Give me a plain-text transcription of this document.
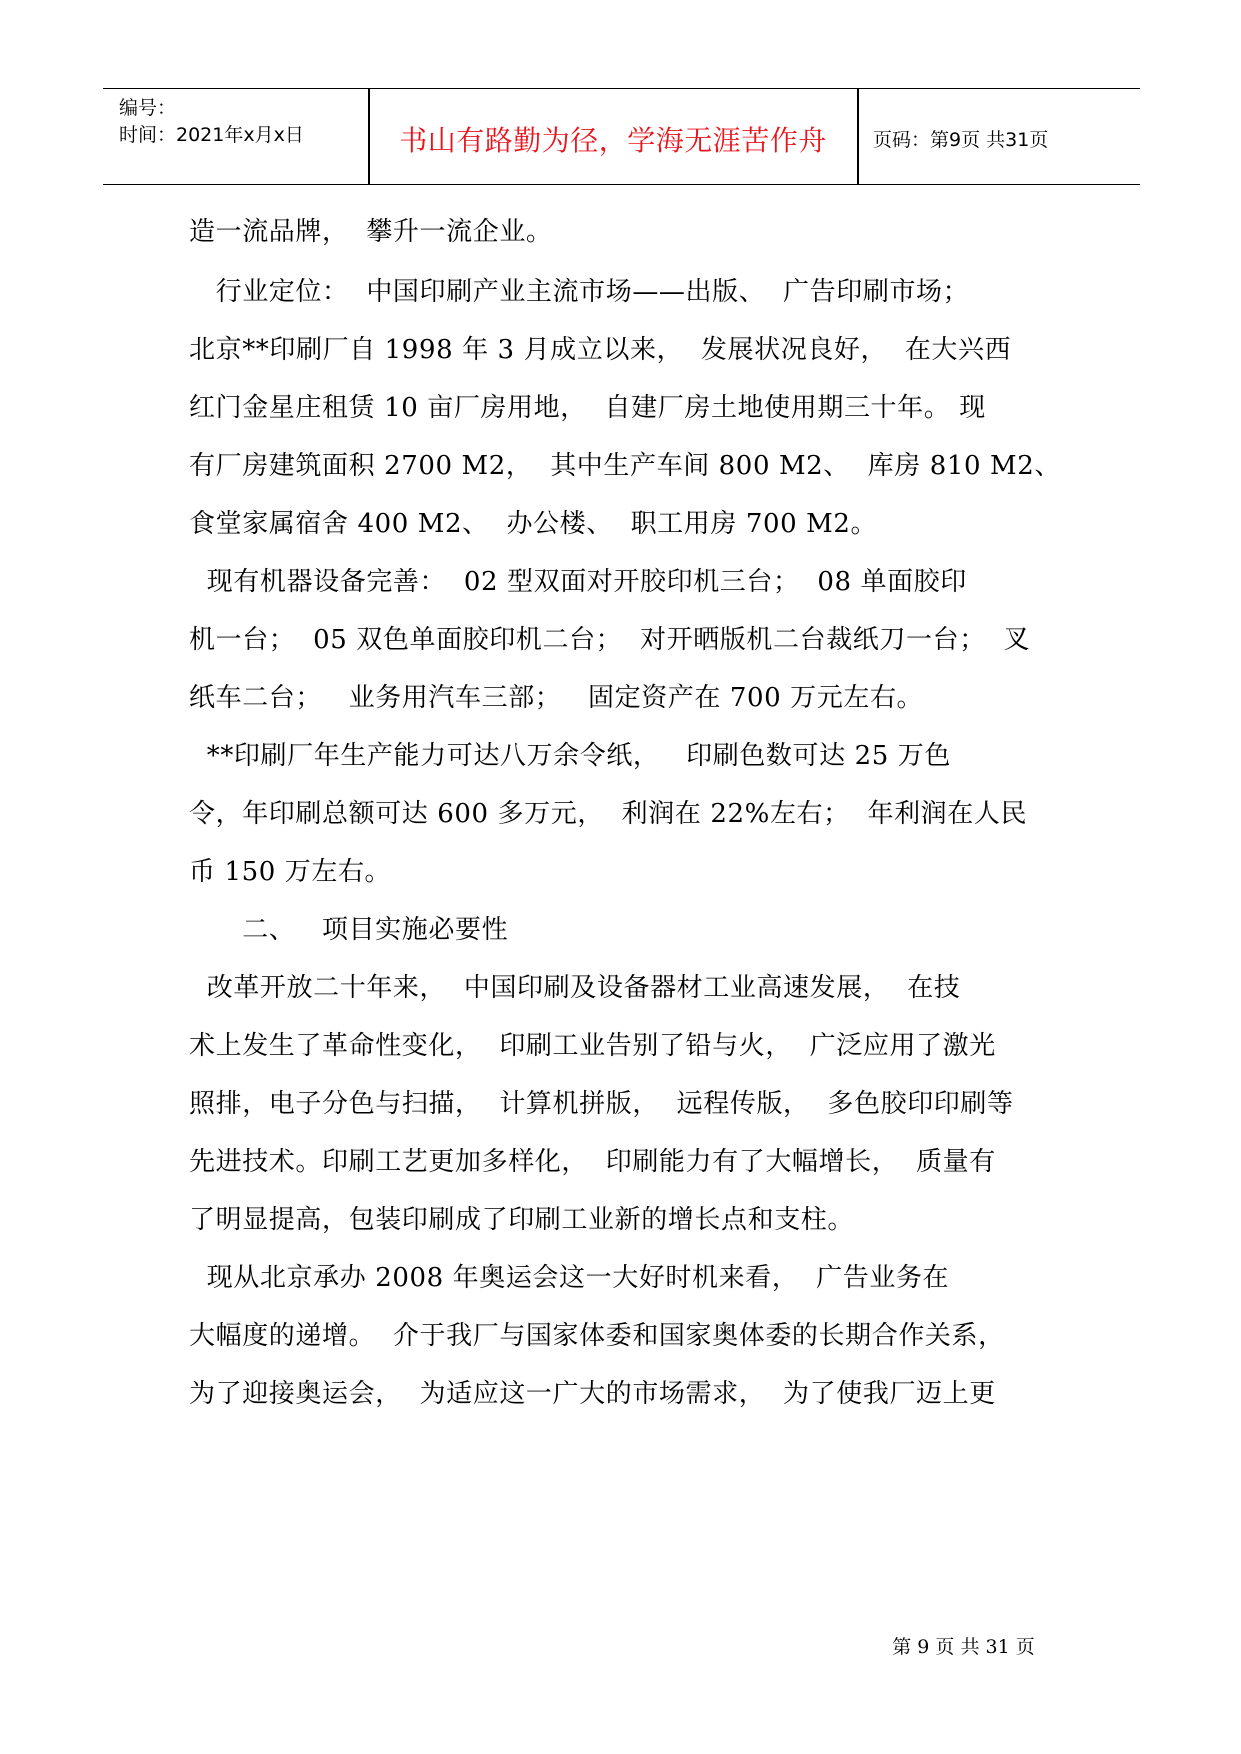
编号：
时间：2021年x月x日	书山有路勤为径，学海无涯苦作舟	页码：第9页 共31页
造一流品牌，  攀升一流企业。
行业定位：  中国印刷产业主流市场——出版、  广告印刷市场；
北京**印刷厂自 1998 年 3 月成立以来，  发展状况良好，  在大兴西
红门金星庄租赁 10 亩厂房用地，  自建厂房土地使用期三十年。 现
有厂房建筑面积 2700 M2，  其中生产车间 800 M2、  库房 810 M2、
食堂家属宿舍 400 M2、  办公楼、  职工用房 700 M2。
现有机器设备完善：  02 型双面对开胶印机三台；  08 单面胶印
机一台；  05 双色单面胶印机二台；  对开晒版机二台裁纸刀一台；  叉
纸车二台；   业务用汽车三部；   固定资产在 700 万元左右。
**印刷厂年生产能力可达八万余令纸，   印刷色数可达 25 万色
令，年印刷总额可达 600 多万元，  利润在 22%左右；  年利润在人民
币 150 万左右。
二、   项目实施必要性
改革开放二十年来，  中国印刷及设备器材工业高速发展，  在技
术上发生了革命性变化，  印刷工业告别了铅与火，  广泛应用了激光
照排，电子分色与扫描，  计算机拼版，  远程传版，  多色胶印印刷等
先进技术。印刷工艺更加多样化，  印刷能力有了大幅增长，  质量有
了明显提高，包装印刷成了印刷工业新的增长点和支柱。
现从北京承办 2008 年奥运会这一大好时机来看，  广告业务在
大幅度的递增。  介于我厂与国家体委和国家奥体委的长期合作关系，
为了迎接奥运会，  为适应这一广大的市场需求，  为了使我厂迈上更
第 9 页 共 31 页
